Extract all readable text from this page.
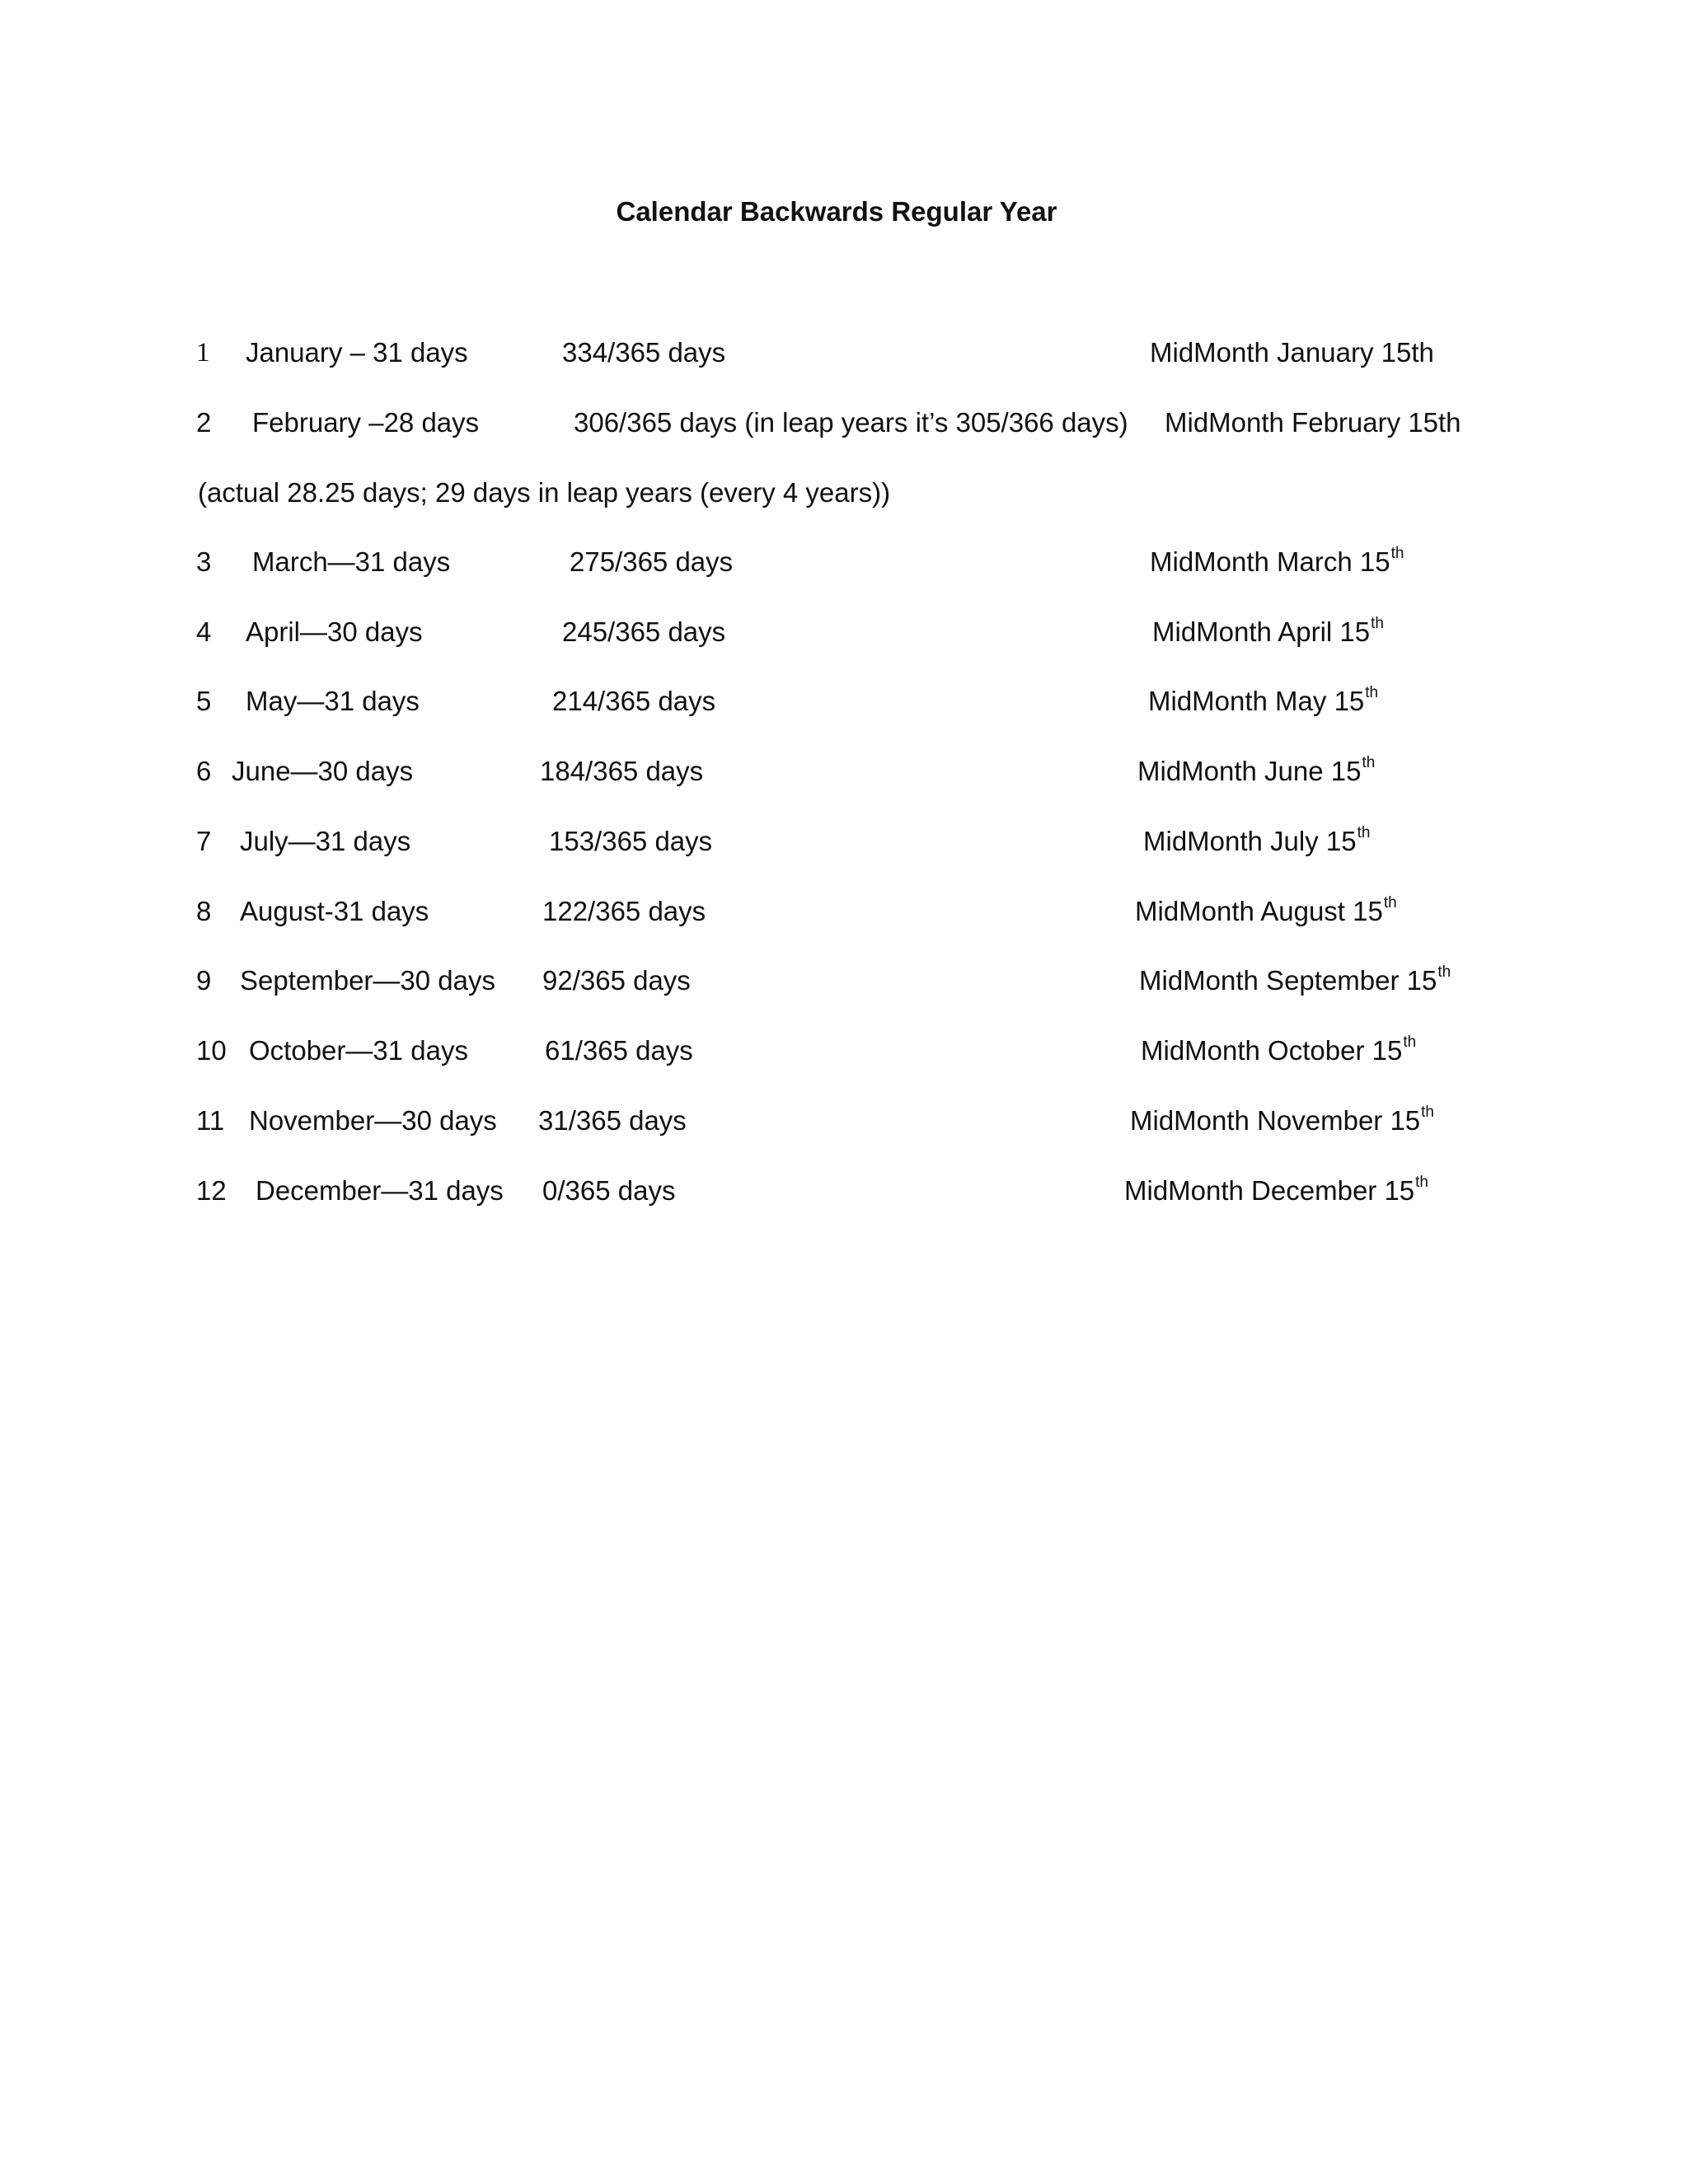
Calendar Backwards Regular Year
1 January – 31 days	334/365 days	MidMonth January 15th
2 February –28 days	306/365 days (in leap years it’s 305/366 days) MidMonth February 15th
(actual 28.25 days; 29 days in leap years (every 4 years))
3 March—31 days	275/365 days	MidMonth March 15th
4 April—30 days	245/365 days	MidMonth April 15th
5 May—31 days	214/365 days	MidMonth May 15th
6 June—30 days	184/365 days	MidMonth June 15th
7 July—31 days	153/365 days	MidMonth July 15th
8 August-31 days	122/365 days	MidMonth August 15th
9 September—30 days 92/365 days	MidMonth September 15th
10 October—31 days	61/365 days	MidMonth October 15th
11 November—30 days 31/365 days	MidMonth November 15th
12 December—31 days 0/365 days	MidMonth December 15th
